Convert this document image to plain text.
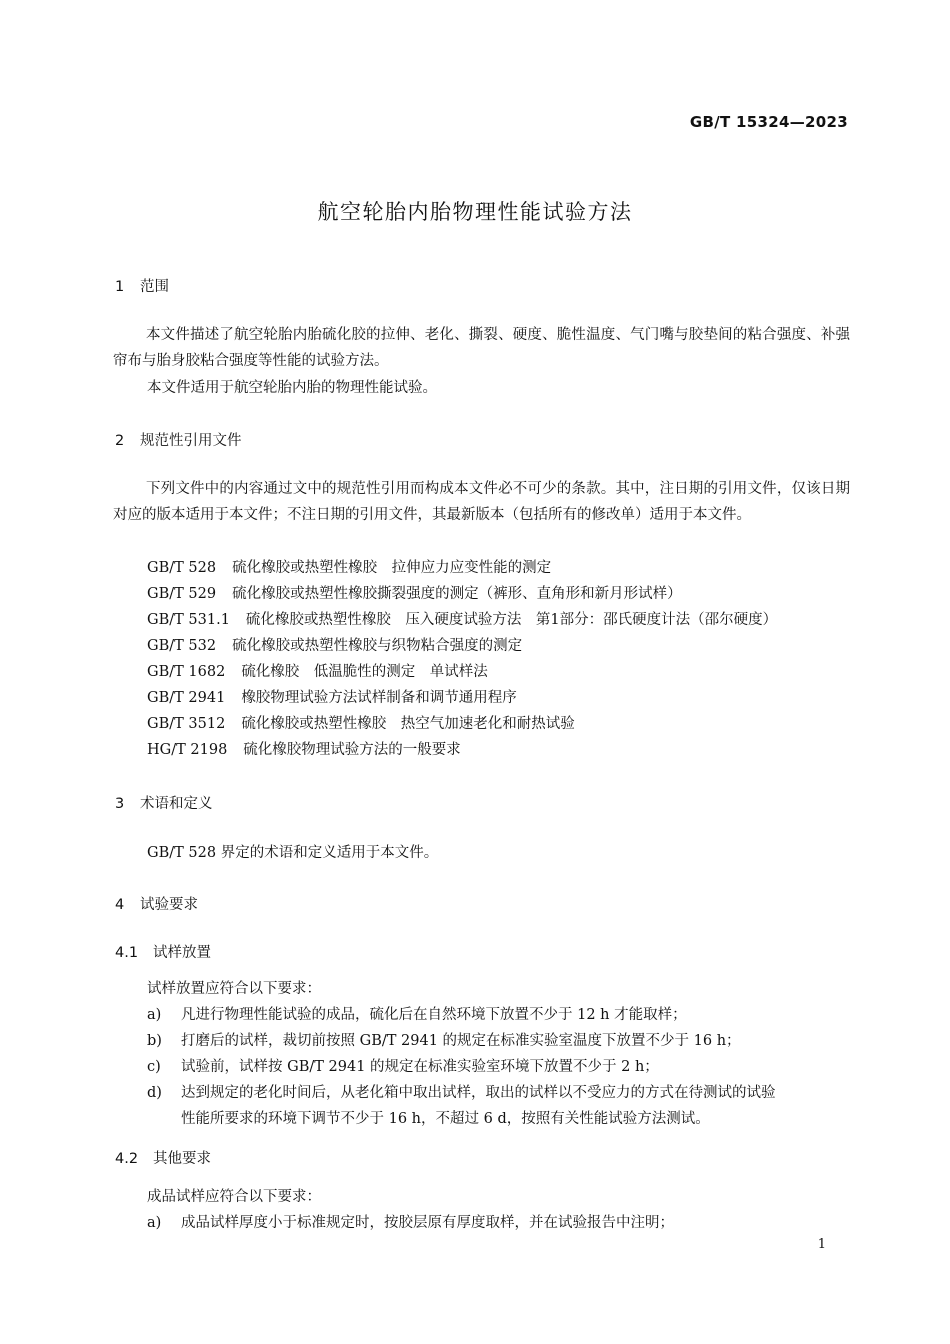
GB/T 15324—2023
航空轮胎内胎物理性能试验方法
1 范围
本文件描述了航空轮胎内胎硫化胶的拉伸、老化、撕裂、硬度、脆性温度、气门嘴与胶垫间的粘合强度、补强帘布与胎身胶粘合强度等性能的试验方法。
本文件适用于航空轮胎内胎的物理性能试验。
2 规范性引用文件
下列文件中的内容通过文中的规范性引用而构成本文件必不可少的条款。其中，注日期的引用文件，仅该日期对应的版本适用于本文件；不注日期的引用文件，其最新版本（包括所有的修改单）适用于本文件。
GB/T 528 硫化橡胶或热塑性橡胶　拉伸应力应变性能的测定
GB/T 529 硫化橡胶或热塑性橡胶撕裂强度的测定（裤形、直角形和新月形试样）
GB/T 531.1 硫化橡胶或热塑性橡胶　压入硬度试验方法　第1部分：邵氏硬度计法（邵尔硬度）
GB/T 532 硫化橡胶或热塑性橡胶与织物粘合强度的测定
GB/T 1682 硫化橡胶　低温脆性的测定　单试样法
GB/T 2941 橡胶物理试验方法试样制备和调节通用程序
GB/T 3512 硫化橡胶或热塑性橡胶　热空气加速老化和耐热试验
HG/T 2198 硫化橡胶物理试验方法的一般要求
3 术语和定义
GB/T 528 界定的术语和定义适用于本文件。
4 试验要求
4.1 试样放置
试样放置应符合以下要求：
a) 凡进行物理性能试验的成品，硫化后在自然环境下放置不少于 12 h 才能取样；
b) 打磨后的试样，裁切前按照 GB/T 2941 的规定在标准实验室温度下放置不少于 16 h；
c) 试验前，试样按 GB/T 2941 的规定在标准实验室环境下放置不少于 2 h；
d) 达到规定的老化时间后，从老化箱中取出试样，取出的试样以不受应力的方式在待测试的试验
性能所要求的环境下调节不少于 16 h，不超过 6 d，按照有关性能试验方法测试。
4.2 其他要求
成品试样应符合以下要求：
a) 成品试样厚度小于标准规定时，按胶层原有厚度取样，并在试验报告中注明；
1
